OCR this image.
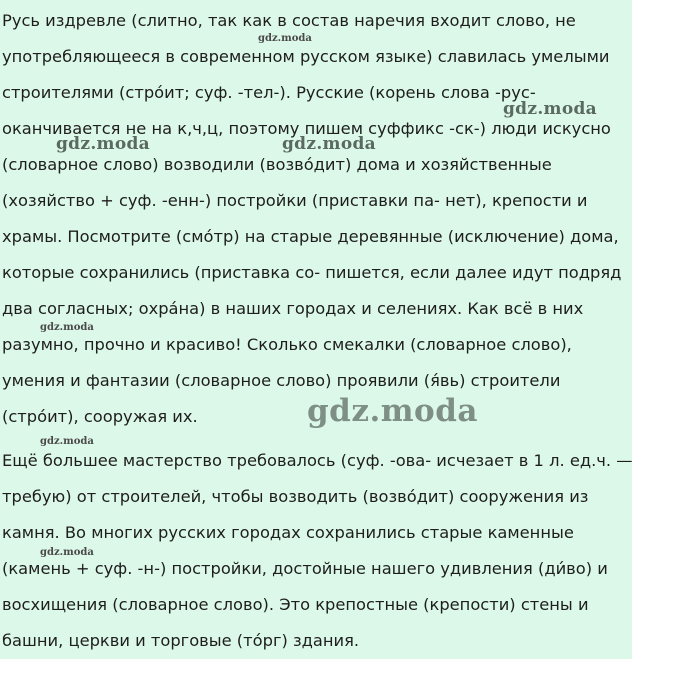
Русь издревле (слитно, так как в состав наречия входит слово, не
употребляющееся в современном русском языке) славилась умелыми
строителями (стро́ит; суф. -тел-). Русские (корень слова -рус-
оканчивается не на к,ч,ц, поэтому пишем суффикс -ск-) люди искусно
(словарное слово) возводили (возво́дит) дома и хозяйственные
(хозяйство + суф. -енн-) постройки (приставки па- нет), крепости и
храмы. Посмотрите (смо́тр) на старые деревянные (исключение) дома,
которые сохранились (приставка со- пишется, если далее идут подряд
два согласных; охра́на) в наших городах и селениях. Как всё в них
разумно, прочно и красиво! Сколько смекалки (словарное слово),
умения и фантазии (словарное слово) проявили (я́вь) строители
(стро́ит), сооружая их.
Ещё большее мастерство требовалось (суф. -ова- исчезает в 1 л. ед.ч. —
требую) от строителей, чтобы возводить (возво́дит) сооружения из
камня. Во многих русских городах сохранились старые каменные
(камень + суф. -н-) постройки, достойные нашего удивления (ди́во) и
восхищения (словарное слово). Это крепостные (крепости) стены и
башни, церкви и торговые (то́рг) здания.
gdz.moda
gdz.moda
gdz.moda
gdz.moda
gdz.moda
gdz.moda	gdz.moda
gdz.moda
